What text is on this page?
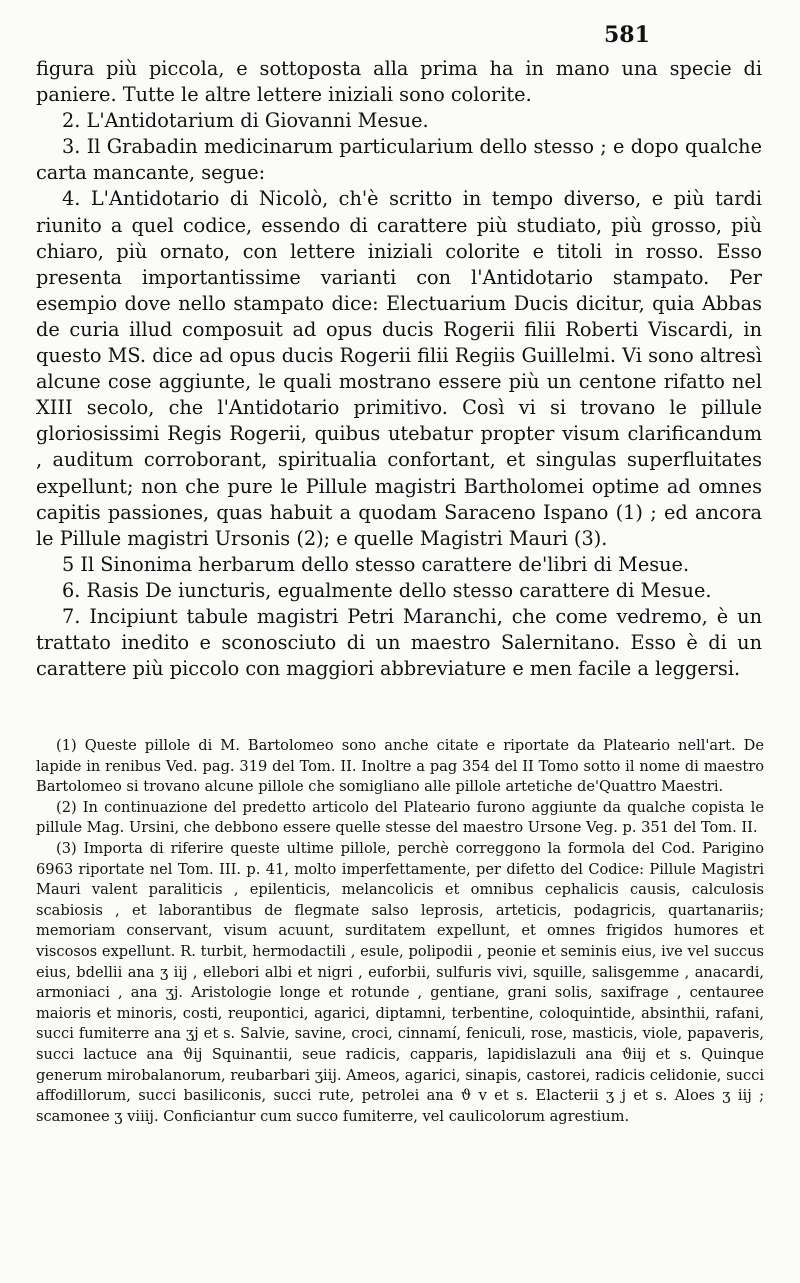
581

figura più piccola, e sottoposta alla prima ha in mano una specie di paniere. Tutte le altre lettere iniziali sono colorite.

2. L'Antidotarium di Giovanni Mesue.

3. Il Grabadin medicinarum particularium dello stesso ; e dopo qualche carta mancante, segue:

4. L'Antidotario di Nicolò, ch'è scritto in tempo diverso, e più tardi riunito a quel codice, essendo di carattere più studiato, più grosso, più chiaro, più ornato, con lettere iniziali colorite e titoli in rosso. Esso presenta importantissime varianti con l'Antidotario stampato. Per esempio dove nello stampato dice: Electuarium Ducis dicitur, quia Abbas de curia illud composuit ad opus ducis Rogerii filii Roberti Viscardi, in questo MS. dice ad opus ducis Rogerii filii Regiis Guillelmi. Vi sono altresì alcune cose aggiunte, le quali mostrano essere più un centone rifatto nel XIII secolo, che l'Antidotario primitivo. Così vi si trovano le pillule gloriosissimi Regis Rogerii, quibus utebatur propter visum clarificandum , auditum corroborant, spiritualia confortant, et singulas superfluitates expellunt; non che pure le Pillule magistri Bartholomei optime ad omnes capitis passiones, quas habuit a quodam Saraceno Ispano (1) ; ed ancora le Pillule magistri Ursonis (2); e quelle Magistri Mauri (3).

5 Il Sinonima herbarum dello stesso carattere de'libri di Mesue.

6. Rasis De iuncturis, egualmente dello stesso carattere di Mesue.

7. Incipiunt tabule magistri Petri Maranchi, che come vedremo, è un trattato inedito e sconosciuto di un maestro Salernitano. Esso è di un carattere più piccolo con maggiori abbreviature e men facile a leggersi.

(1) Queste pillole di M. Bartolomeo sono anche citate e riportate da Plateario nell'art. De lapide in renibus Ved. pag. 319 del Tom. II. Inoltre a pag 354 del II Tomo sotto il nome di maestro Bartolomeo si trovano alcune pillole che somigliano alle pillole artetiche de'Quattro Maestri.

(2) In continuazione del predetto articolo del Plateario furono aggiunte da qualche copista le pillule Mag. Ursini, che debbono essere quelle stesse del maestro Ursone Veg. p. 351 del Tom. II.

(3) Importa di riferire queste ultime pillole, perchè correggono la formola del Cod. Parigino 6963 riportate nel Tom. III. p. 41, molto imperfettamente, per difetto del Codice: Pillule Magistri Mauri valent paraliticis , epilenticis, melancolicis et omnibus cephalicis causis, calculosis scabiosis , et laborantibus de flegmate salso leprosis, arteticis, podagricis, quartanariis; memoriam conservant, visum acuunt, surditatem expellunt, et omnes frigidos humores et viscosos expellunt. R. turbit, hermodactili , esule, polipodii , peonie et seminis eius, ive vel succus eius, bdellii ana ʒ iij , ellebori albi et nigri , euforbii, sulfuris vivi, squille, salisgemme , anacardi, armoniaci , ana ʒj. Aristologie longe et rotunde , gentiane, grani solis, saxifrage , centauree maioris et minoris, costi, reupontici, agarici, diptamni, terbentine, coloquintide, absinthii, rafani, succi fumiterre ana ʒj et s. Salvie, savine, croci, cinnamí, feniculi, rose, masticis, viole, papaveris, succi lactuce ana ϑij Squinantii, seue radicis, capparis, lapidislazuli ana ϑiij et s. Quinque generum mirobalanorum, reubarbari ʒiij. Ameos, agarici, sinapis, castorei, radicis celidonie, succi affodillorum, succi basiliconis, succi rute, petrolei ana ϑ v et s. Elacterii ʒ j et s. Aloes ʒ iij ; scamonee ʒ viiij. Conficiantur cum succo fumiterre, vel caulicolorum agrestium.
